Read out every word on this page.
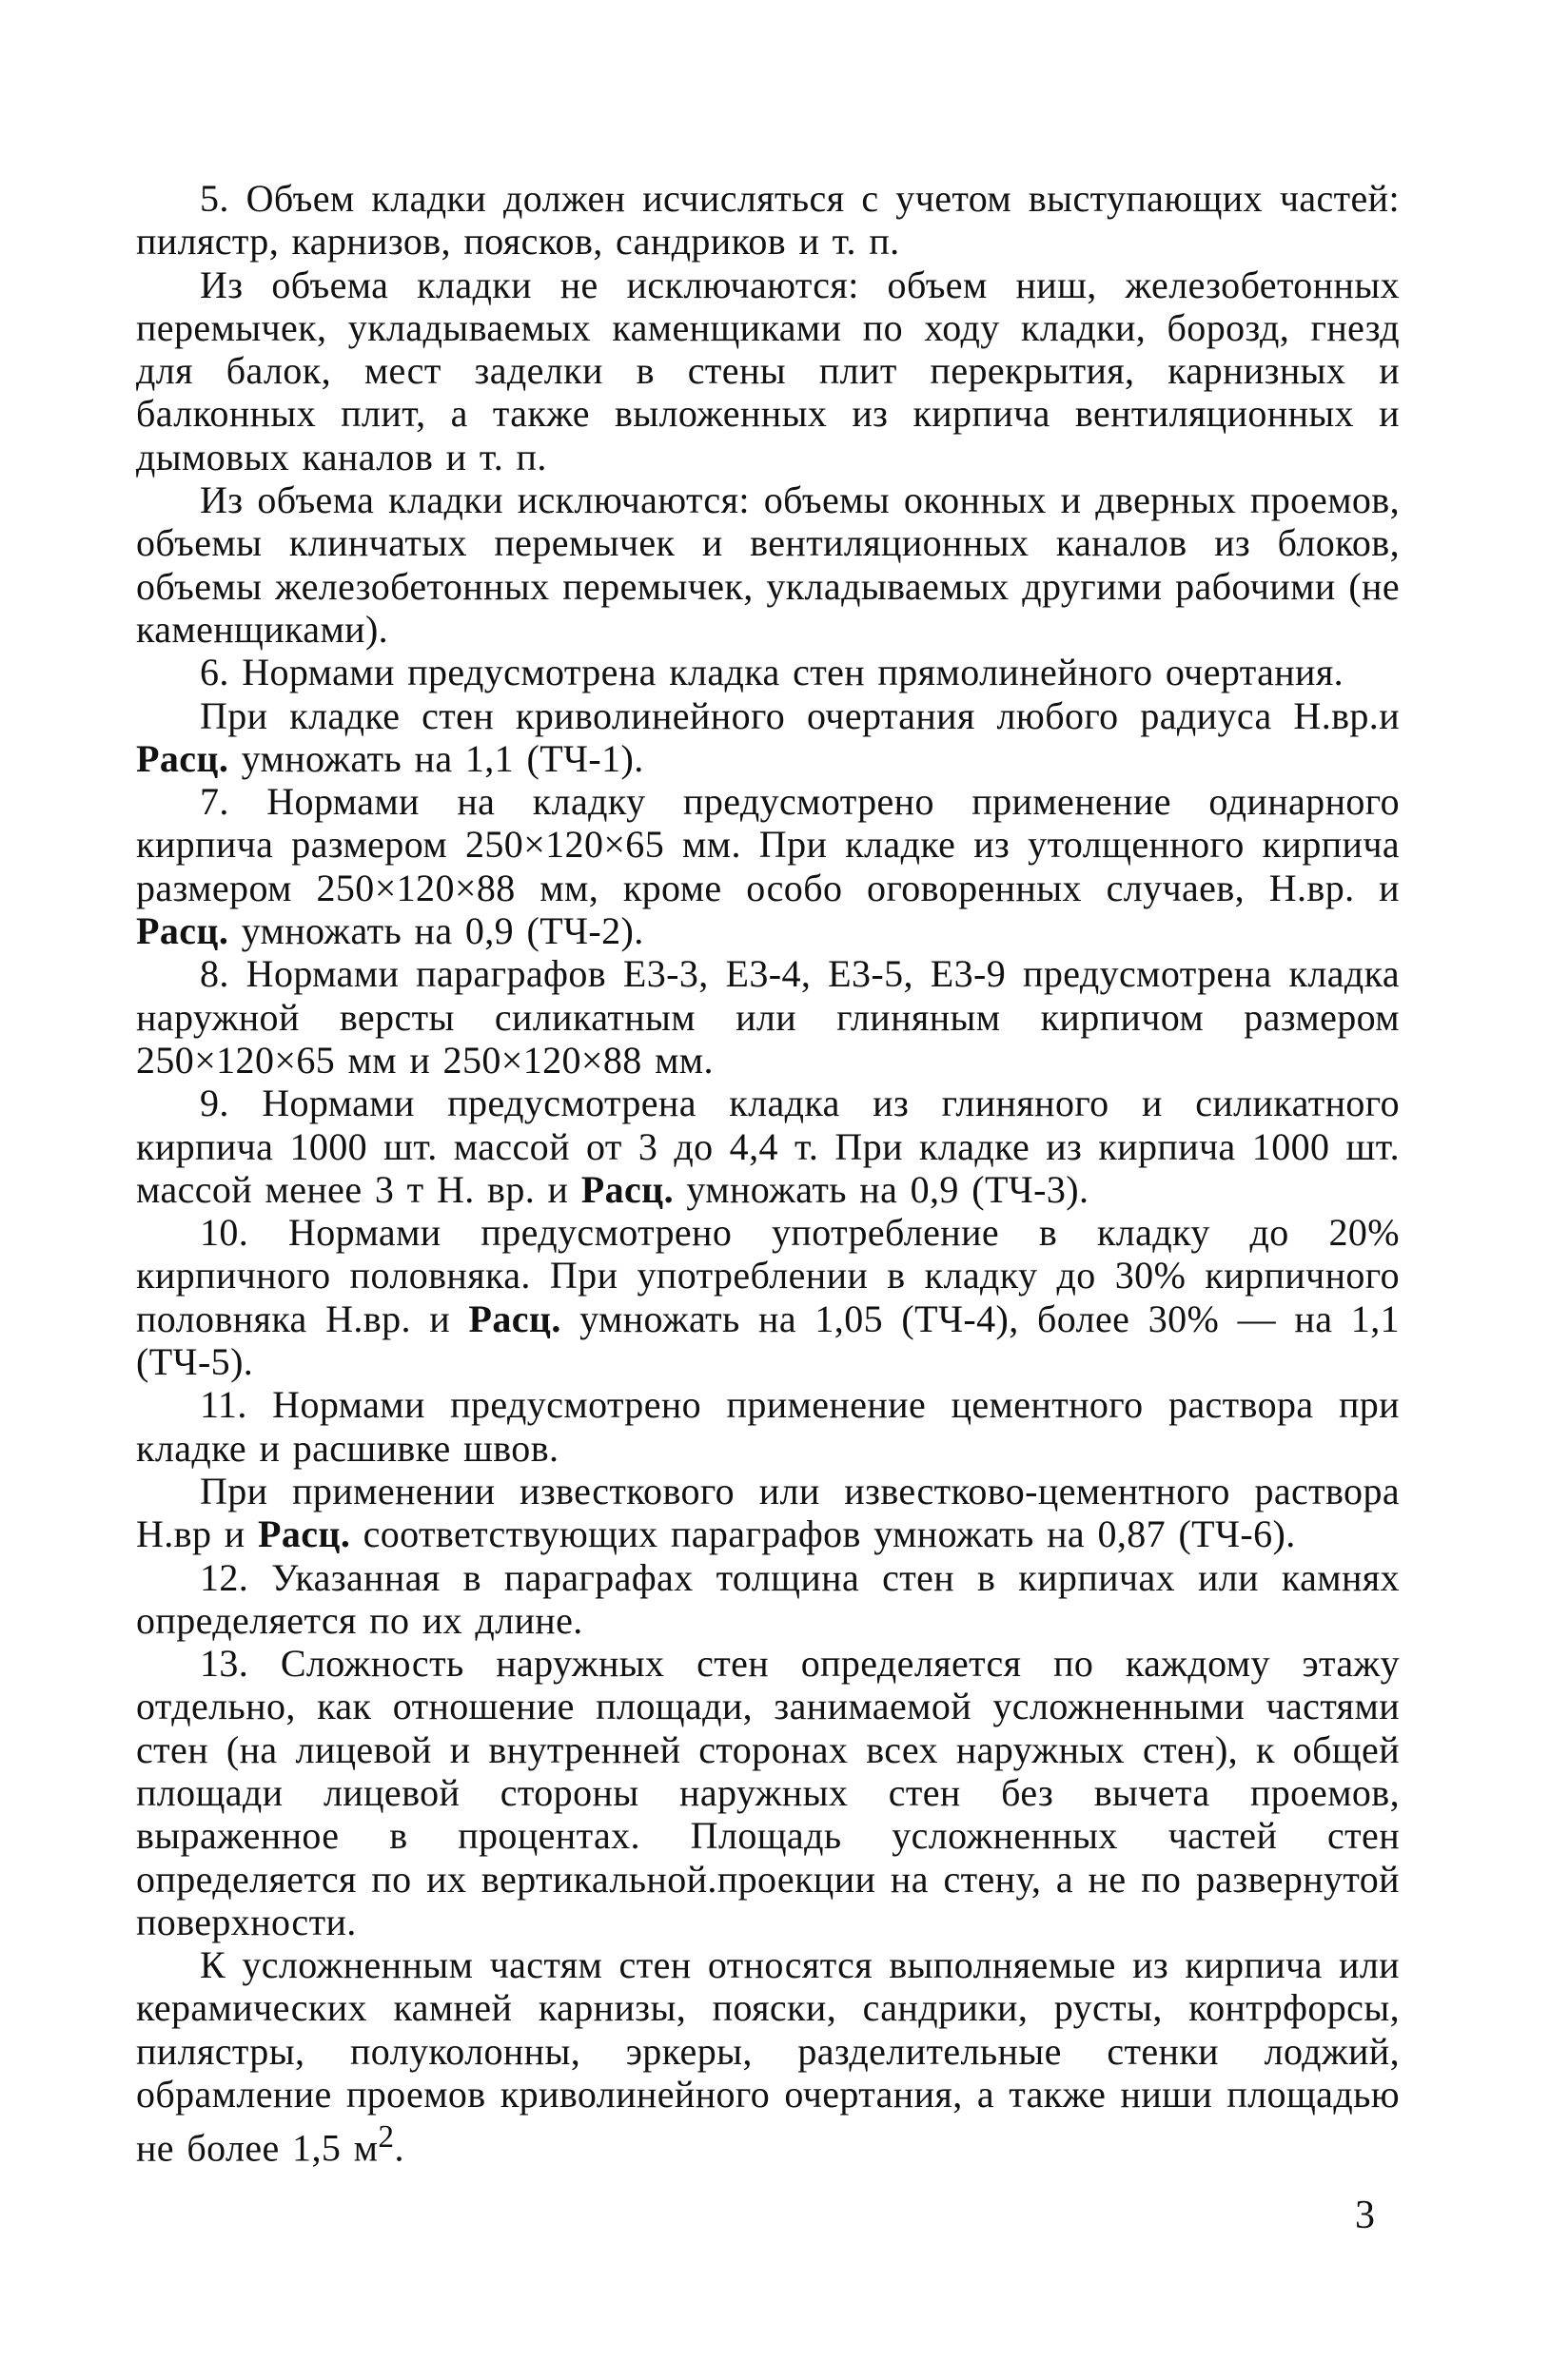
5. Объем кладки должен исчисляться с учетом выступающих частей: пилястр, карнизов, поясков, сандриков и т. п.

Из объема кладки не исключаются: объем ниш, железобетонных перемычек, укладываемых каменщиками по ходу кладки, борозд, гнезд для балок, мест заделки в стены плит перекрытия, карнизных и балконных плит, а также выложенных из кирпича вентиляционных и дымовых каналов и т. п.

Из объема кладки исключаются: объемы оконных и дверных проемов, объемы клинчатых перемычек и вентиляционных каналов из блоков, объемы железобетонных перемычек, укладываемых другими рабочими (не каменщиками).

6. Нормами предусмотрена кладка стен прямолинейного очертания.

При кладке стен криволинейного очертания любого радиуса Н.вр.и Расц. умножать на 1,1 (ТЧ-1).

7. Нормами на кладку предусмотрено применение одинарного кирпича размером 250×120×65 мм. При кладке из утолщенного кирпича размером 250×120×88 мм, кроме особо оговоренных случаев, Н.вр. и Расц. умножать на 0,9 (ТЧ-2).

8. Нормами параграфов Е3-3, Е3-4, Е3-5, Е3-9 предусмотрена кладка наружной версты силикатным или глиняным кирпичом размером 250×120×65 мм и 250×120×88 мм.

9. Нормами предусмотрена кладка из глиняного и силикатного кирпича 1000 шт. массой от 3 до 4,4 т. При кладке из кирпича 1000 шт. массой менее 3 т Н. вр. и Расц. умножать на 0,9 (ТЧ-3).

10. Нормами предусмотрено употребление в кладку до 20% кирпичного половняка. При употреблении в кладку до 30% кирпичного половняка Н.вр. и Расц. умножать на 1,05 (ТЧ-4), более 30% — на 1,1 (ТЧ-5).

11. Нормами предусмотрено применение цементного раствора при кладке и расшивке швов.

При применении известкового или известково-цементного раствора Н.вр и Расц. соответствующих параграфов умножать на 0,87 (ТЧ-6).

12. Указанная в параграфах толщина стен в кирпичах или камнях определяется по их длине.

13. Сложность наружных стен определяется по каждому этажу отдельно, как отношение площади, занимаемой усложненными частями стен (на лицевой и внутренней сторонах всех наружных стен), к общей площади лицевой стороны наружных стен без вычета проемов, выраженное в процентах. Площадь усложненных частей стен определяется по их вертикальной.проекции на стену, а не по развернутой поверхности.

К усложненным частям стен относятся выполняемые из кирпича или керамических камней карнизы, пояски, сандрики, русты, контрфорсы, пилястры, полуколонны, эркеры, разделительные стенки лоджий, обрамление проемов криволинейного очертания, а также ниши площадью не более 1,5 $м^2$.

3
